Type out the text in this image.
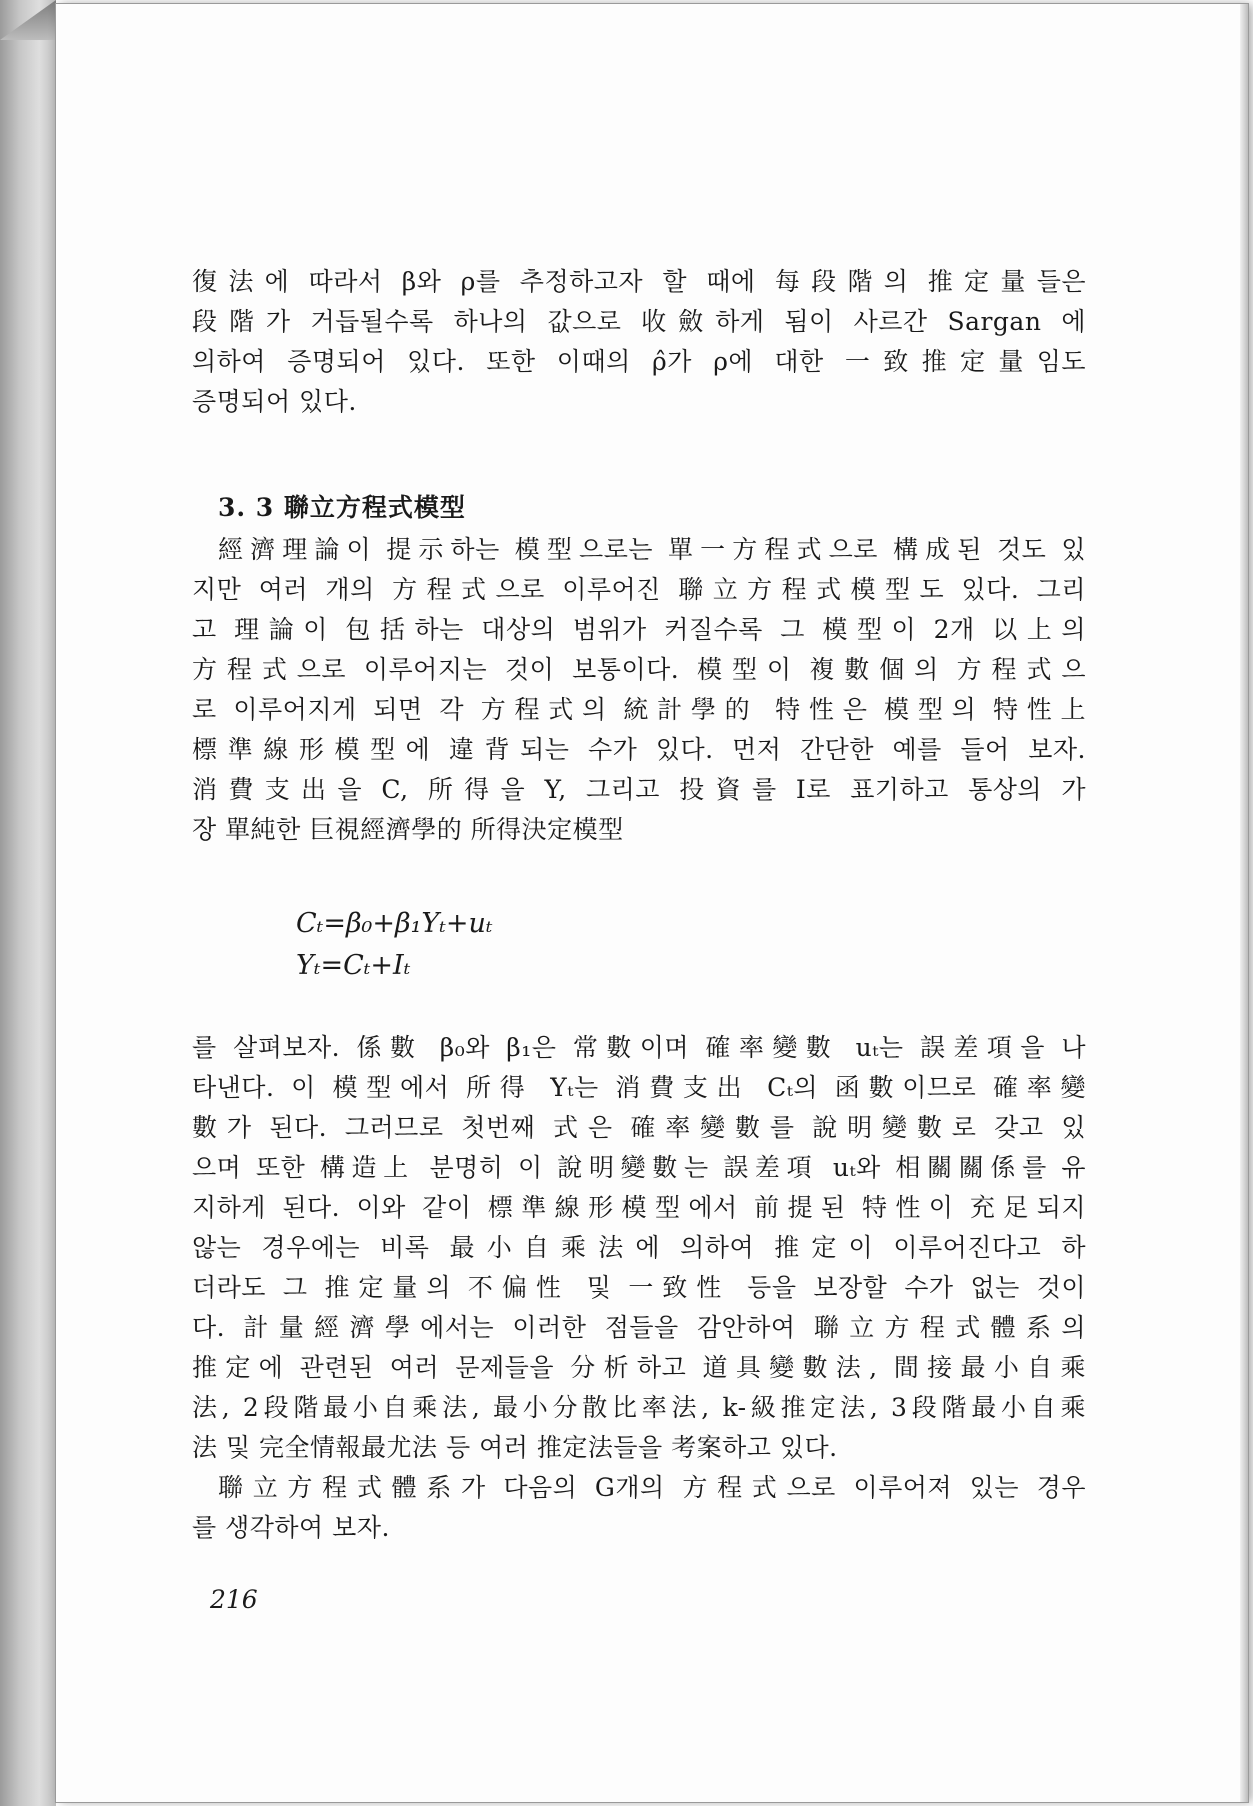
復法에 따라서 β와 ρ를 추정하고자 할 때에 每段階의 推定量들은
段階가 거듭될수록 하나의 값으로 收斂하게 됨이 사르간 Sargan 에
의하여 증명되어 있다. 또한 이때의 ρ̂가 ρ에 대한 一致推定量임도
증명되어 있다.
3. 3 聯立方程式模型
經濟理論이 提示하는 模型으로는 單一方程式으로 構成된 것도 있
지만 여러 개의 方程式으로 이루어진 聯立方程式模型도 있다. 그리
고 理論이 包括하는 대상의 범위가 커질수록 그 模型이 2개 以上의
方程式으로 이루어지는 것이 보통이다. 模型이 複數個의 方程式으
로 이루어지게 되면 각 方程式의 統計學的 特性은 模型의 特性上
標準線形模型에 違背되는 수가 있다. 먼저 간단한 예를 들어 보자.
消費支出을 C, 所得을 Y, 그리고 投資를 I로 표기하고 통상의 가
장 單純한 巨視經濟學的 所得決定模型
Cₜ=β₀+β₁Yₜ+uₜ
Yₜ=Cₜ+Iₜ
를 살펴보자. 係數 β₀와 β₁은 常數이며 確率變數 uₜ는 誤差項을 나
타낸다. 이 模型에서 所得 Yₜ는 消費支出 Cₜ의 函數이므로 確率變
數가 된다. 그러므로 첫번째 式은 確率變數를 說明變數로 갖고 있
으며 또한 構造上 분명히 이 說明變數는 誤差項 uₜ와 相關關係를 유
지하게 된다. 이와 같이 標準線形模型에서 前提된 特性이 充足되지
않는 경우에는 비록 最小自乘法에 의하여 推定이 이루어진다고 하
더라도 그 推定量의 不偏性 및 一致性 등을 보장할 수가 없는 것이
다. 計量經濟學에서는 이러한 점들을 감안하여 聯立方程式體系의
推定에 관련된 여러 문제들을 分析하고 道具變數法, 間接最小自乘
法, 2段階最小自乘法, 最小分散比率法, k-級推定法, 3段階最小自乘
法 및 完全情報最尤法 등 여러 推定法들을 考案하고 있다.
聯立方程式體系가 다음의 G개의 方程式으로 이루어져 있는 경우
를 생각하여 보자.
216
